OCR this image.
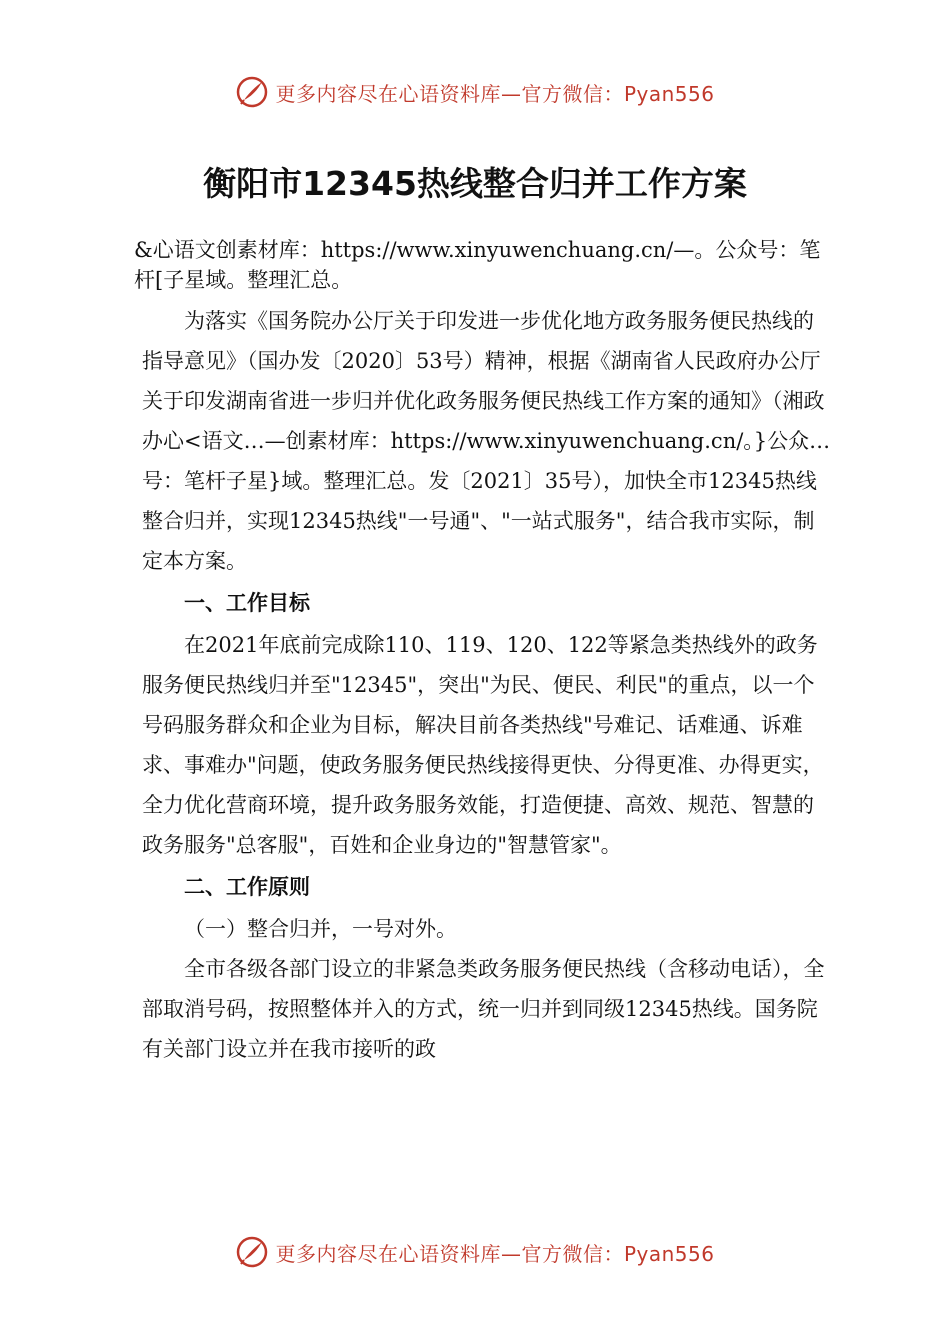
更多内容尽在心语资料库—官方微信：Pyan556
衡阳市12345热线整合归并工作方案

&心语文创素材库：https://www.xinyuwenchuang.cn/—。公众号：笔杆[子星域。整理汇总。

为落实《国务院办公厅关于印发进一步优化地方政务服务便民热线的指导意见》（国办发〔2020〕53号）精神，根据《湖南省人民政府办公厅关于印发湖南省进一步归并优化政务服务便民热线工作方案的通知》（湘政办心<语文…—创素材库：https://www.xinyuwenchuang.cn/。}公众…号：笔杆子星}域。整理汇总。发〔2021〕35号），加快全市12345热线整合归并，实现12345热线"一号通"、"一站式服务"，结合我市实际，制定本方案。

一、工作目标

在2021年底前完成除110、119、120、122等紧急类热线外的政务服务便民热线归并至"12345"，突出"为民、便民、利民"的重点，以一个号码服务群众和企业为目标，解决目前各类热线"号难记、话难通、诉难求、事难办"问题，使政务服务便民热线接得更快、分得更准、办得更实，全力优化营商环境，提升政务服务效能，打造便捷、高效、规范、智慧的政务服务"总客服"，百姓和企业身边的"智慧管家"。

二、工作原则

（一）整合归并，一号对外。

全市各级各部门设立的非紧急类政务服务便民热线（含移动电话），全部取消号码，按照整体并入的方式，统一归并到同级12345热线。国务院有关部门设立并在我市接听的政

更多内容尽在心语资料库—官方微信：Pyan556
